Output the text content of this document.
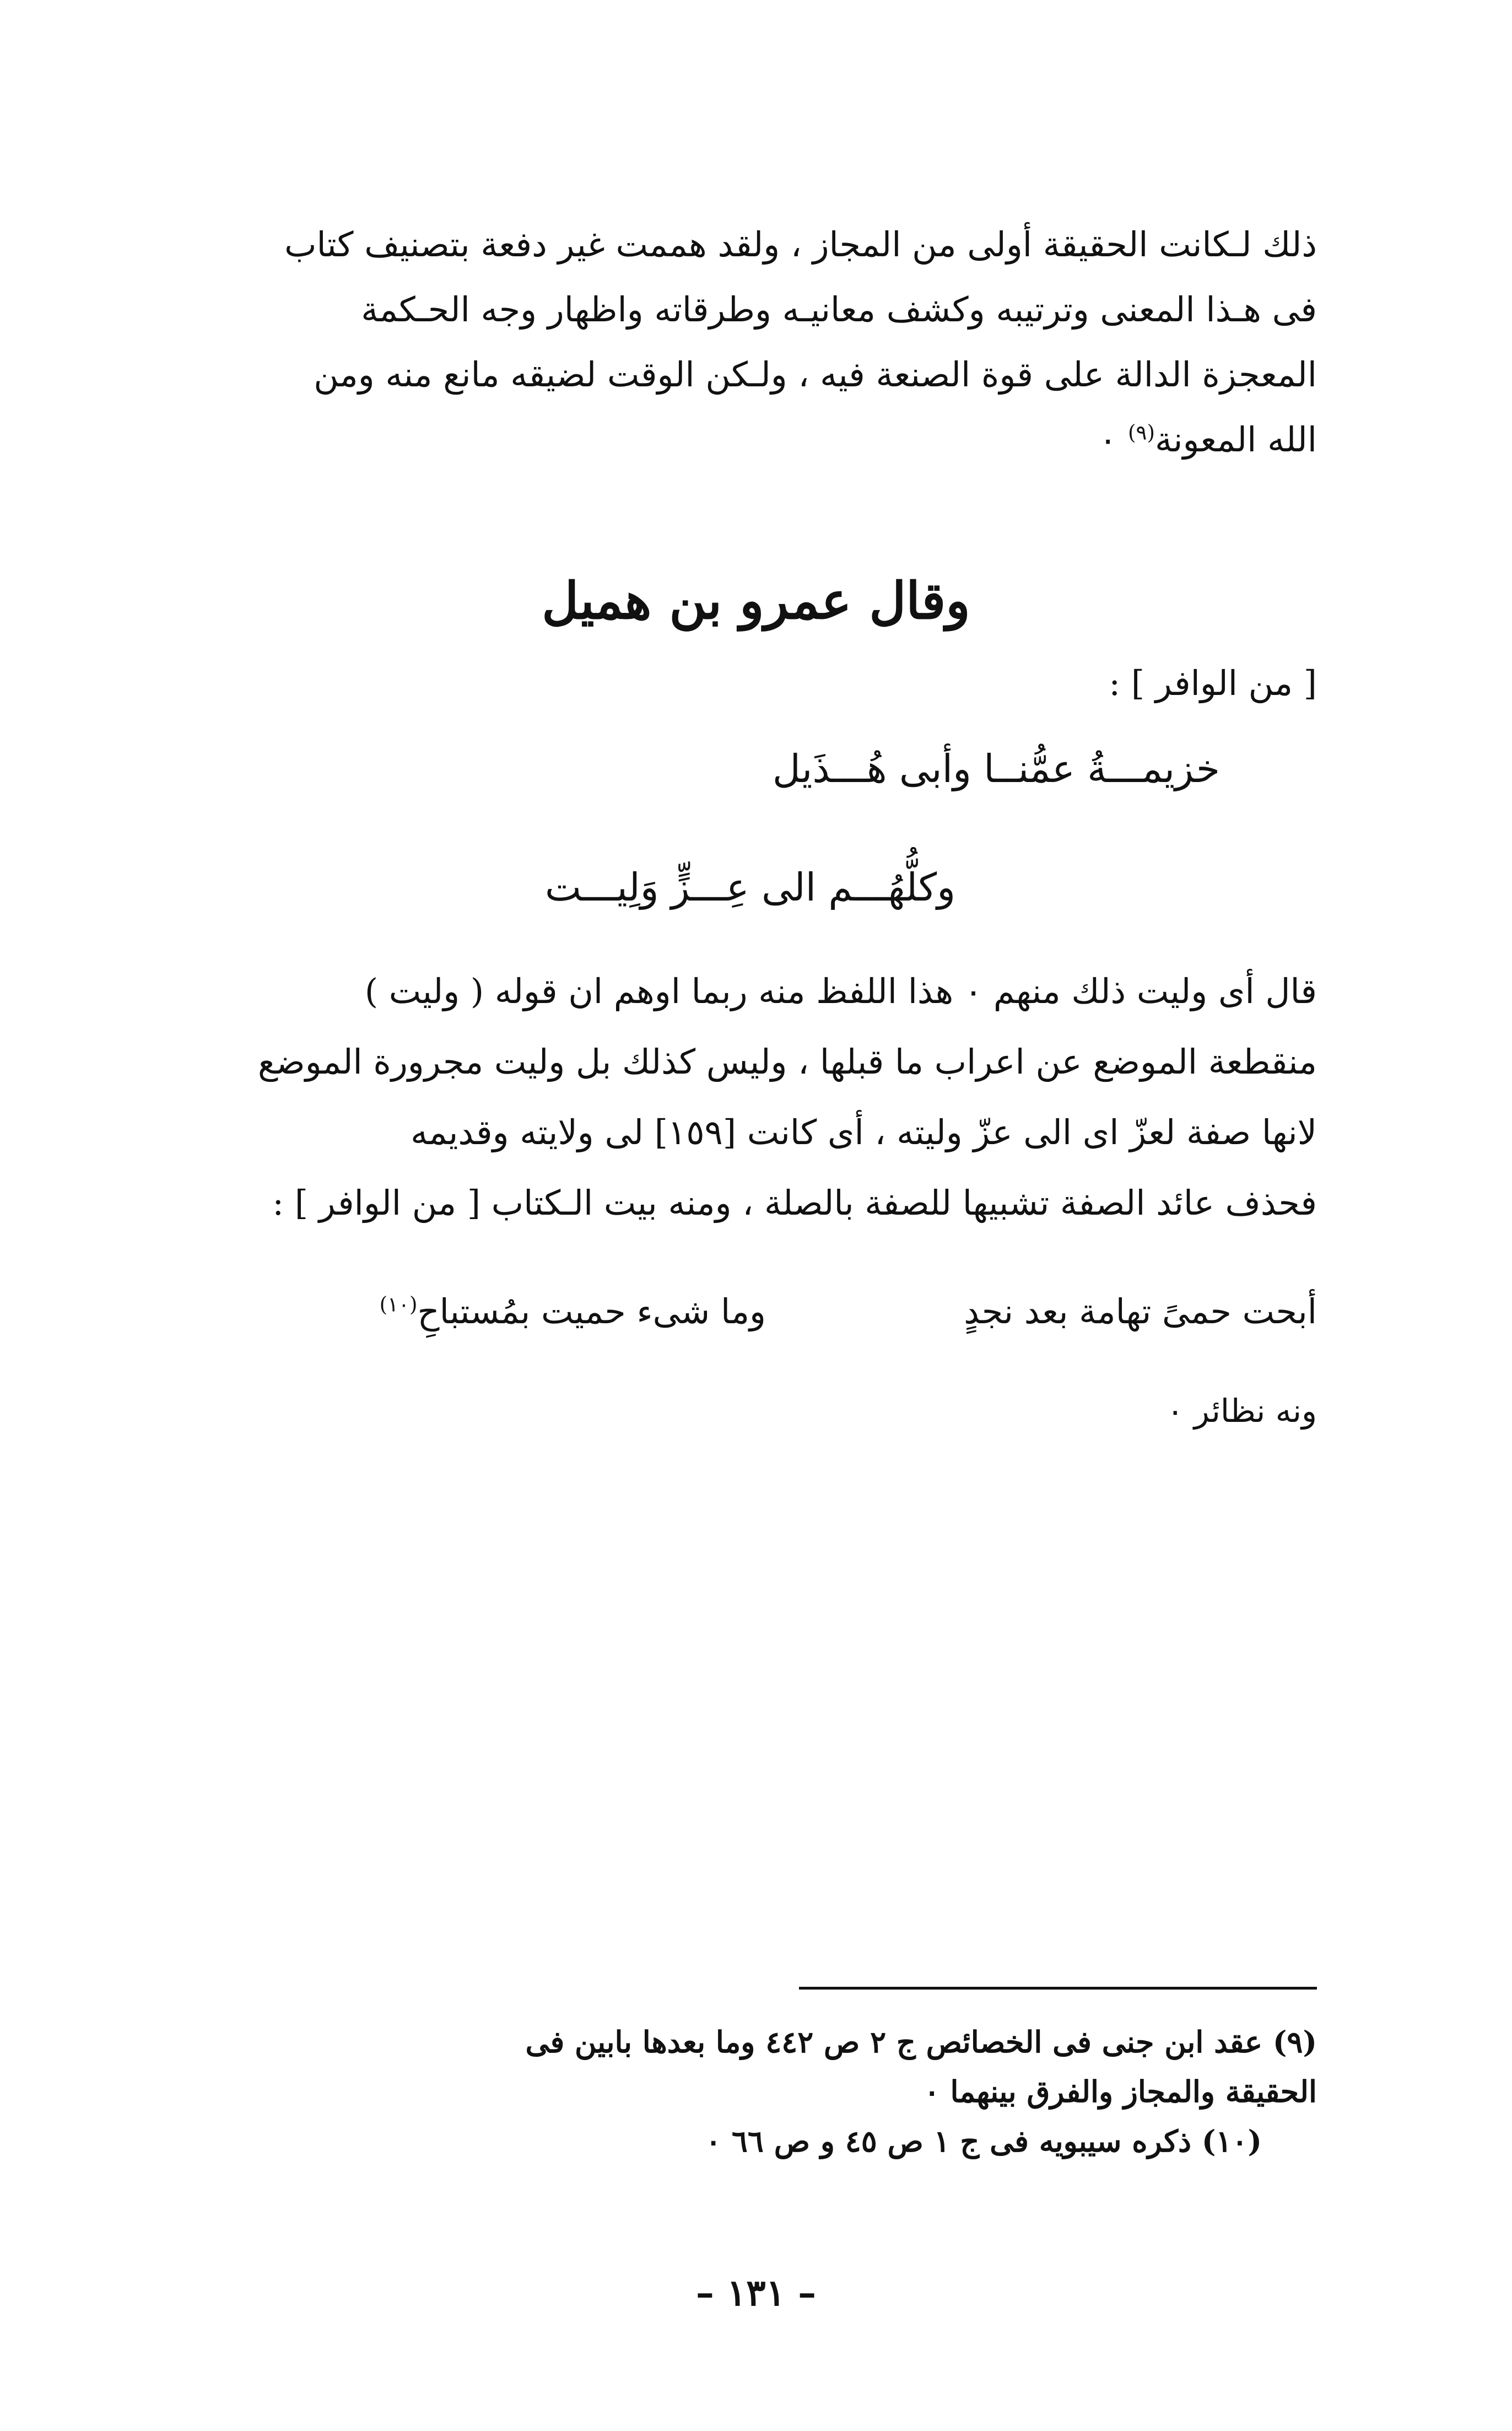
ذلك لـكانت الحقيقة أولى من المجاز ، ولقد هممت غير دفعة بتصنيف كتاب
فى هـذا المعنى وترتيبه وكشف معانيـه وطرقاته واظهار وجه الحـكمة
المعجزة الدالة على قوة الصنعة فيه ، ولـكن الوقت لضيقه مانع منه ومن
الله المعونة$^{(٩)}$ ٠
وقال عمرو بن هميل
[ من الوافر ] :
خزيمـــةُ عمُّنــا وأبى هُـــذَيل
وكلُّهُـــم الى عِـــزٍّ وَلِيـــت
قال أى وليت ذلك منهم ٠ هذا اللفظ منه ربما اوهم ان قوله ( وليت )
منقطعة الموضع عن اعراب ما قبلها ، وليس كذلك بل وليت مجرورة الموضع
لانها صفة لعزّ اى الى عزّ وليته ، أى كانت [١٥٩] لى ولايته وقديمه
فحذف عائد الصفة تشبيها للصفة بالصلة ، ومنه بيت الـكتاب [ من الوافر ] :
أبحت حمىً تهامة بعد نجدٍ
وما شىء حميت بمُستباحِ$^{(١٠)}$
ونه نظائر ٠
(٩) عقد ابن جنى فى الخصائص ج ٢ ص ٤٤٢ وما بعدها بابين فى
الحقيقة والمجاز والفرق بينهما ٠
(١٠) ذكره سيبويه فى ج ١ ص ٤٥ و ص ٦٦ ٠
– ١٣١ –
